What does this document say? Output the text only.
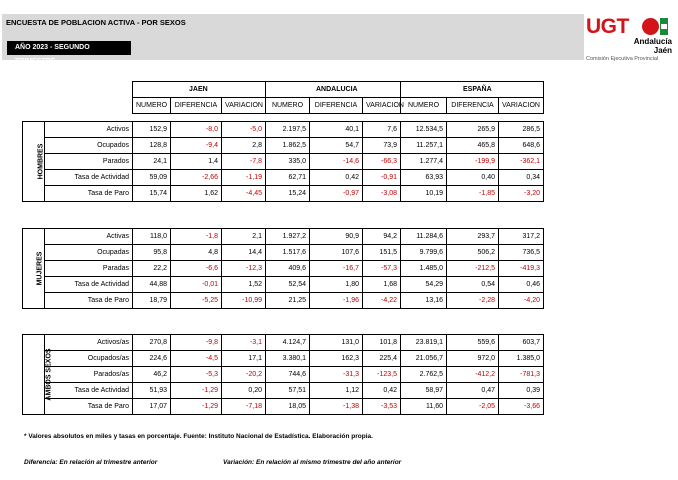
ENCUESTA DE POBLACION ACTIVA - POR SEXOS
AÑO 2023 - SEGUNDO TRIMESTRE
UGT
Andalucía
Jaén
Comisión Ejecutiva Provincial
JAEN			ANDALUCIA			ESPAÑA		
NUMERO	DIFERENCIA	VARIACION	NUMERO	DIFERENCIA	VARIACION	NUMERO	DIFERENCIA	VARIACION
HOMBRES	Activos	152,9	-8,0	-5,0	2.197,5	40,1	7,6	12.534,5	265,9	286,5
	Ocupados	128,8	-9,4	2,8	1.862,5	54,7	73,9	11.257,1	465,8	648,6
	Parados	24,1	1,4	-7,8	335,0	-14,6	-66,3	1.277,4	-199,9	-362,1
	Tasa de Actividad	59,09	-2,66	-1,19	62,71	0,42	-0,91	63,93	0,40	0,34
	Tasa de Paro	15,74	1,62	-4,45	15,24	-0,97	-3,08	10,19	-1,85	-3,20
MUJERES	Activas	118,0	-1,8	2,1	1.927,2	90,9	94,2	11.284,6	293,7	317,2
	Ocupadas	95,8	4,8	14,4	1.517,6	107,6	151,5	9.799,6	506,2	736,5
	Paradas	22,2	-6,6	-12,3	409,6	-16,7	-57,3	1.485,0	-212,5	-419,3
	Tasa de Actividad	44,88	-0,01	1,52	52,54	1,80	1,68	54,29	0,54	0,46
	Tasa de Paro	18,79	-5,25	-10,99	21,25	-1,96	-4,22	13,16	-2,28	-4,20
AMBOS SEXOS	Activos/as	270,8	-9,8	-3,1	4.124,7	131,0	101,8	23.819,1	559,6	603,7
	Ocupados/as	224,6	-4,5	17,1	3.380,1	162,3	225,4	21.056,7	972,0	1.385,0
	Parados/as	46,2	-5,3	-20,2	744,6	-31,3	-123,5	2.762,5	-412,2	-781,3
	Tasa de Actividad	51,93	-1,29	0,20	57,51	1,12	0,42	58,97	0,47	0,39
	Tasa de Paro	17,07	-1,29	-7,18	18,05	-1,38	-3,53	11,60	-2,05	-3,66
* Valores absolutos en miles y tasas en porcentaje. Fuente: Instituto Nacional de Estadística. Elaboración propia.
Diferencia: En relación al trimestre anterior	Variación: En relación al mismo trimestre del año anterior
